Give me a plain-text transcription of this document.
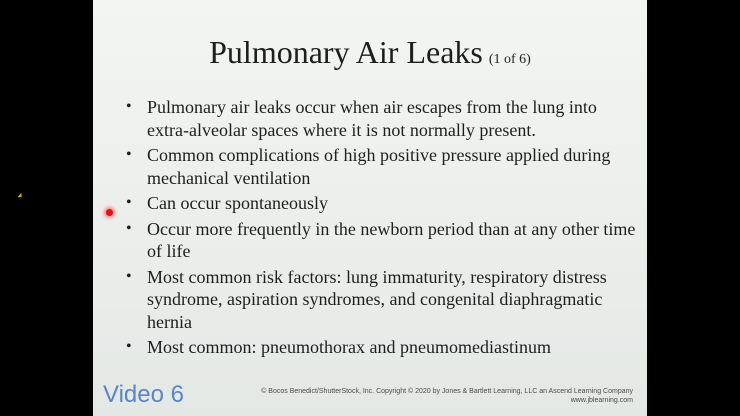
Pulmonary Air Leaks (1 of 6)
• Pulmonary air leaks occur when air escapes from the lung into extra-alveolar spaces where it is not normally present.
• Common complications of high positive pressure applied during mechanical ventilation
• Can occur spontaneously
• Occur more frequently in the newborn period than at any other time of life
• Most common risk factors: lung immaturity, respiratory distress syndrome, aspiration syndromes, and congenital diaphragmatic hernia
• Most common: pneumothorax and pneumomediastinum
Video 6	© Bocos Benedict/ShutterStock, Inc. Copyright © 2020 by Jones & Bartlett Learning, LLC an Ascend Learning Company
www.jblearning.com
